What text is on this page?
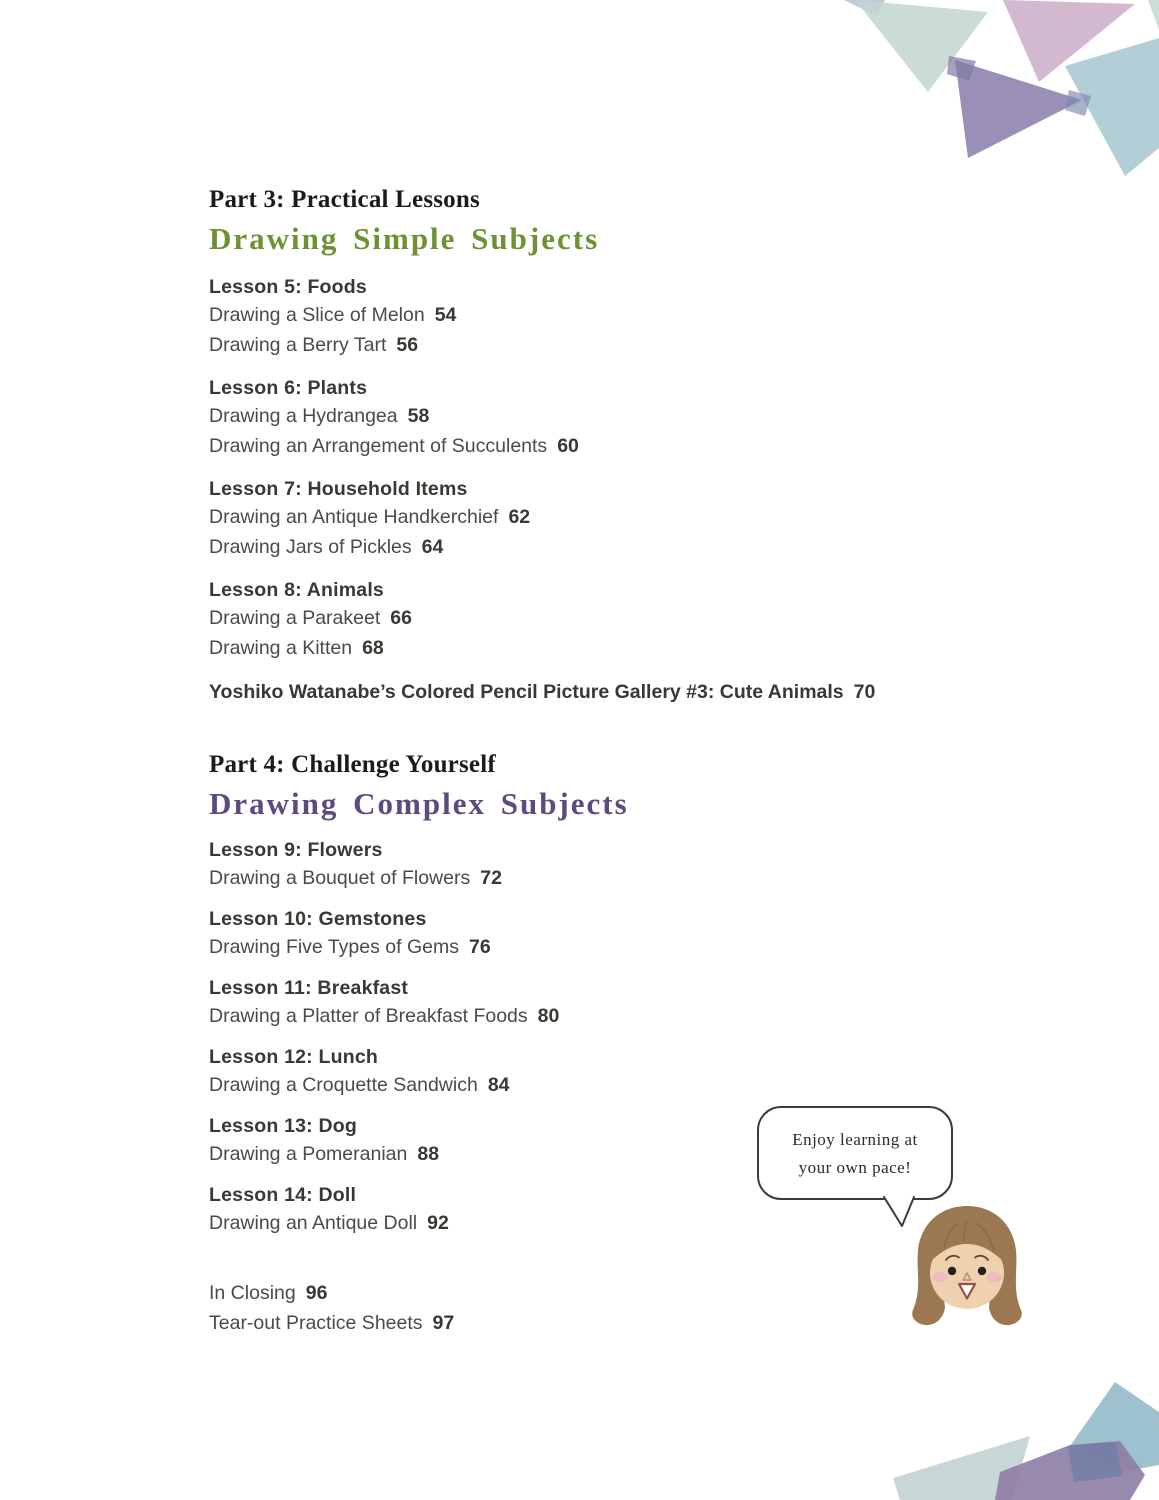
Part 3: Practical Lessons
Drawing Simple Subjects
Lesson 5: Foods
Drawing a Slice of Melon 54
Drawing a Berry Tart 56
Lesson 6: Plants
Drawing a Hydrangea 58
Drawing an Arrangement of Succulents 60
Lesson 7: Household Items
Drawing an Antique Handkerchief 62
Drawing Jars of Pickles 64
Lesson 8: Animals
Drawing a Parakeet 66
Drawing a Kitten 68
Yoshiko Watanabe’s Colored Pencil Picture Gallery #3: Cute Animals 70
Part 4: Challenge Yourself
Drawing Complex Subjects
Lesson 9: Flowers
Drawing a Bouquet of Flowers 72
Lesson 10: Gemstones
Drawing Five Types of Gems 76
Lesson 11: Breakfast
Drawing a Platter of Breakfast Foods 80
Lesson 12: Lunch
Drawing a Croquette Sandwich 84
Lesson 13: Dog
Drawing a Pomeranian 88
Lesson 14: Doll
Drawing an Antique Doll 92
In Closing 96
Tear-out Practice Sheets 97
Enjoy learning at
your own pace!
